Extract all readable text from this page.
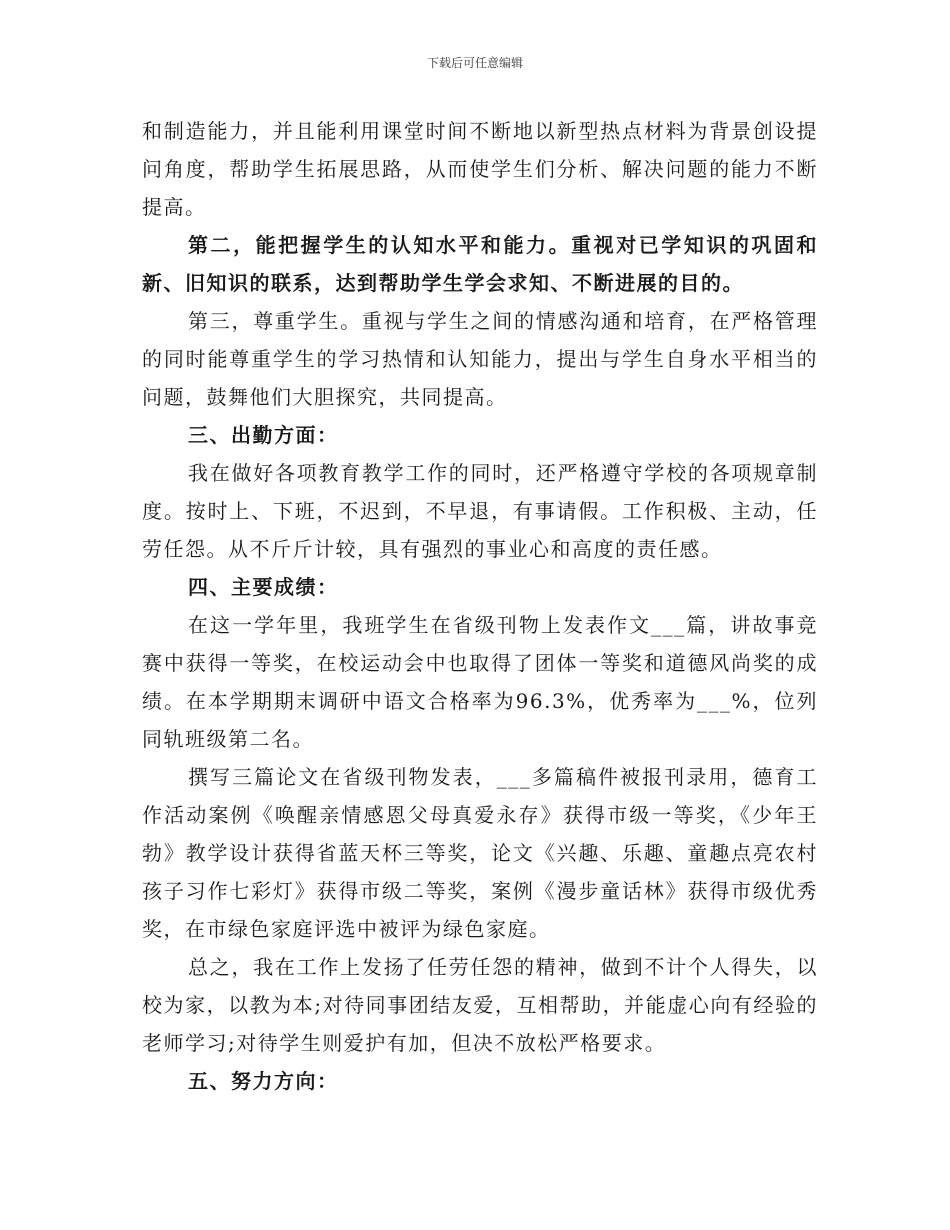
下载后可任意编辑

和制造能力，并且能利用课堂时间不断地以新型热点材料为背景创设提问角度，帮助学生拓展思路，从而使学生们分析、解决问题的能力不断提高。

第二，能把握学生的认知水平和能力。重视对已学知识的巩固和新、旧知识的联系，达到帮助学生学会求知、不断进展的目的。

第三，尊重学生。重视与学生之间的情感沟通和培育，在严格管理的同时能尊重学生的学习热情和认知能力，提出与学生自身水平相当的问题，鼓舞他们大胆探究，共同提高。

三、出勤方面：

我在做好各项教育教学工作的同时，还严格遵守学校的各项规章制度。按时上、下班，不迟到，不早退，有事请假。工作积极、主动，任劳任怨。从不斤斤计较，具有强烈的事业心和高度的责任感。

四、主要成绩：

在这一学年里，我班学生在省级刊物上发表作文___篇，讲故事竞赛中获得一等奖，在校运动会中也取得了团体一等奖和道德风尚奖的成绩。在本学期期末调研中语文合格率为96.3%，优秀率为___%，位列同轨班级第二名。

撰写三篇论文在省级刊物发表，___多篇稿件被报刊录用，德育工作活动案例《唤醒亲情感恩父母真爱永存》获得市级一等奖，《少年王勃》教学设计获得省蓝天杯三等奖，论文《兴趣、乐趣、童趣点亮农村孩子习作七彩灯》获得市级二等奖，案例《漫步童话林》获得市级优秀奖，在市绿色家庭评选中被评为绿色家庭。

总之，我在工作上发扬了任劳任怨的精神，做到不计个人得失，以校为家，以教为本;对待同事团结友爱，互相帮助，并能虚心向有经验的老师学习;对待学生则爱护有加，但决不放松严格要求。

五、努力方向：
